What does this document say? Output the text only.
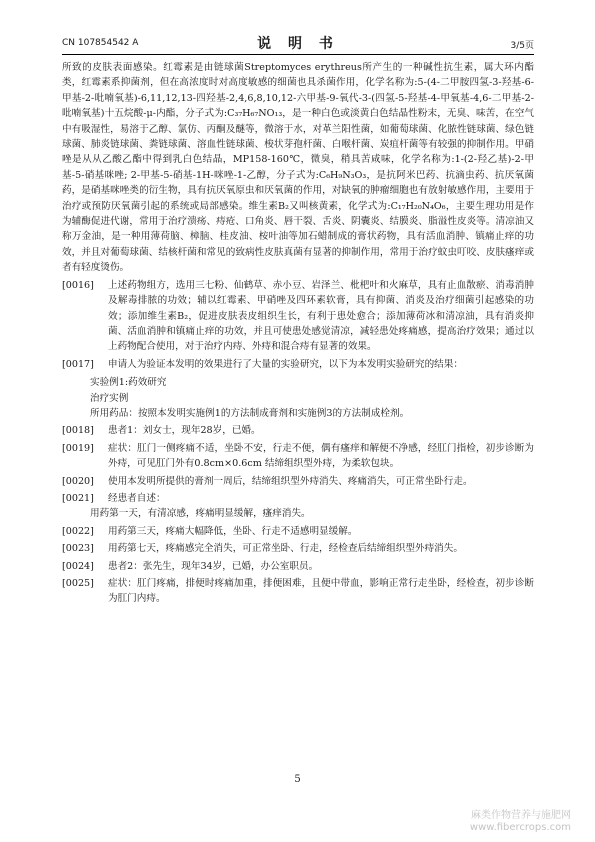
CN 107854542 A	说 明 书	3/5页

所致的皮肤表面感染。红霉素是由链球菌Streptomyces erythreus所产生的一种碱性抗生素，属大环内酯类，红霉素系抑菌剂，但在高浓度时对高度敏感的细菌也具杀菌作用，化学名称为:5-(4-二甲胺四氢-3-羟基-6-甲基-2-吡喃氧基)-6,11,12,13-四羟基-2,4,6,8,10,12-六甲基-9-氧代-3-(四氢-5-羟基-4-甲氧基-4,6-二甲基-2-吡喃氧基)十五烷酸-μ-内酯，分子式为:C₃₇H₆₇NO₁₃，是一种白色或淡黄白色结晶性粉末，无臭、味苦，在空气中有吸湿性，易溶于乙醇、氯仿、丙酮及醚等，微溶于水，对革兰阳性菌，如葡萄球菌、化脓性链球菌、绿色链球菌、肺炎链球菌、粪链球菌、溶血性链球菌、梭状芽孢杆菌、白喉杆菌、炭疽杆菌等有较强的抑制作用。甲硝唑是从从乙酸乙酯中得到乳白色结晶，MP158-160℃，微臭，稍具苦咸味，化学名称为:1-(2-羟乙基)-2-甲基-5-硝基咪唑; 2-甲基-5-硝基-1H-咪唑-1-乙醇，分子式为:C₆H₉N₃O₃，是抗阿米巴药、抗滴虫药、抗厌氧菌药，是硝基咪唑类的衍生物，具有抗厌氧原虫和厌氧菌的作用，对缺氧的肿瘤细胞也有放射敏感作用，主要用于治疗或预防厌氧菌引起的系统或局部感染。维生素B₂又叫核黄素，化学式为:C₁₇H₂₀N₄O₆，主要生理功用是作为辅酶促进代谢，常用于治疗溃疡、痔疮、口角炎、唇干裂、舌炎、阴囊炎、结膜炎、脂溢性皮炎等。清凉油又称万金油，是一种用薄荷脑、樟脑、桂皮油、桉叶油等加石蜡制成的膏状药物，具有活血消肿、镇痛止痒的功效，并且对葡萄球菌、结核杆菌和常见的致病性皮肤真菌有显著的抑制作用，常用于治疗蚊虫叮咬、皮肤瘙痒或者有轻度烫伤。

[0016]	上述药物组方，选用三七粉、仙鹤草、赤小豆、岩泽兰、枇杷叶和火麻草，具有止血散瘀、消毒消肿及解毒排脓的功效；辅以红霉素、甲硝唑及四环素软膏，具有抑菌、消炎及治疗细菌引起感染的功效；添加维生素B₂，促进皮肤表皮组织生长，有利于患处愈合；添加薄荷冰和清凉油，具有消炎抑菌、活血消肿和镇痛止痒的功效，并且可使患处感觉清凉，减轻患处疼痛感，提高治疗效果；通过以上药物配合使用，对于治疗内痔、外痔和混合痔有显著的效果。
[0017]	申请人为验证本发明的效果进行了大量的实验研究，以下为本发明实验研究的结果：

实验例1:药效研究

治疗实例

所用药品：按照本发明实施例1的方法制成膏剂和实施例3的方法制成栓剂。

[0018]	患者1：刘女士，现年28岁，已婚。
[0019]	症状：肛门一侧疼痛不适，坐卧不安，行走不便，偶有瘙痒和解便不净感，经肛门指检，初步诊断为外痔，可见肛门外有0.8cm×0.6cm 结缔组织型外痔，为柔软包块。
[0020]	使用本发明所提供的膏剂一周后，结缔组织型外痔消失、疼痛消失，可正常坐卧行走。
[0021]	经患者自述：

用药第一天，有清凉感，疼痛明显缓解，瘙痒消失。

[0022]	用药第三天，疼痛大幅降低，坐卧、行走不适感明显缓解。
[0023]	用药第七天，疼痛感完全消失，可正常坐卧、行走，经检查后结缔组织型外痔消失。
[0024]	患者2：张先生，现年34岁，已婚，办公室职员。
[0025]	症状：肛门疼痛，排便时疼痛加重，排便困难，且便中带血，影响正常行走坐卧，经检查，初步诊断为肛门内痔。
5
麻类作物营养与施肥网
www.fibercrops.com
